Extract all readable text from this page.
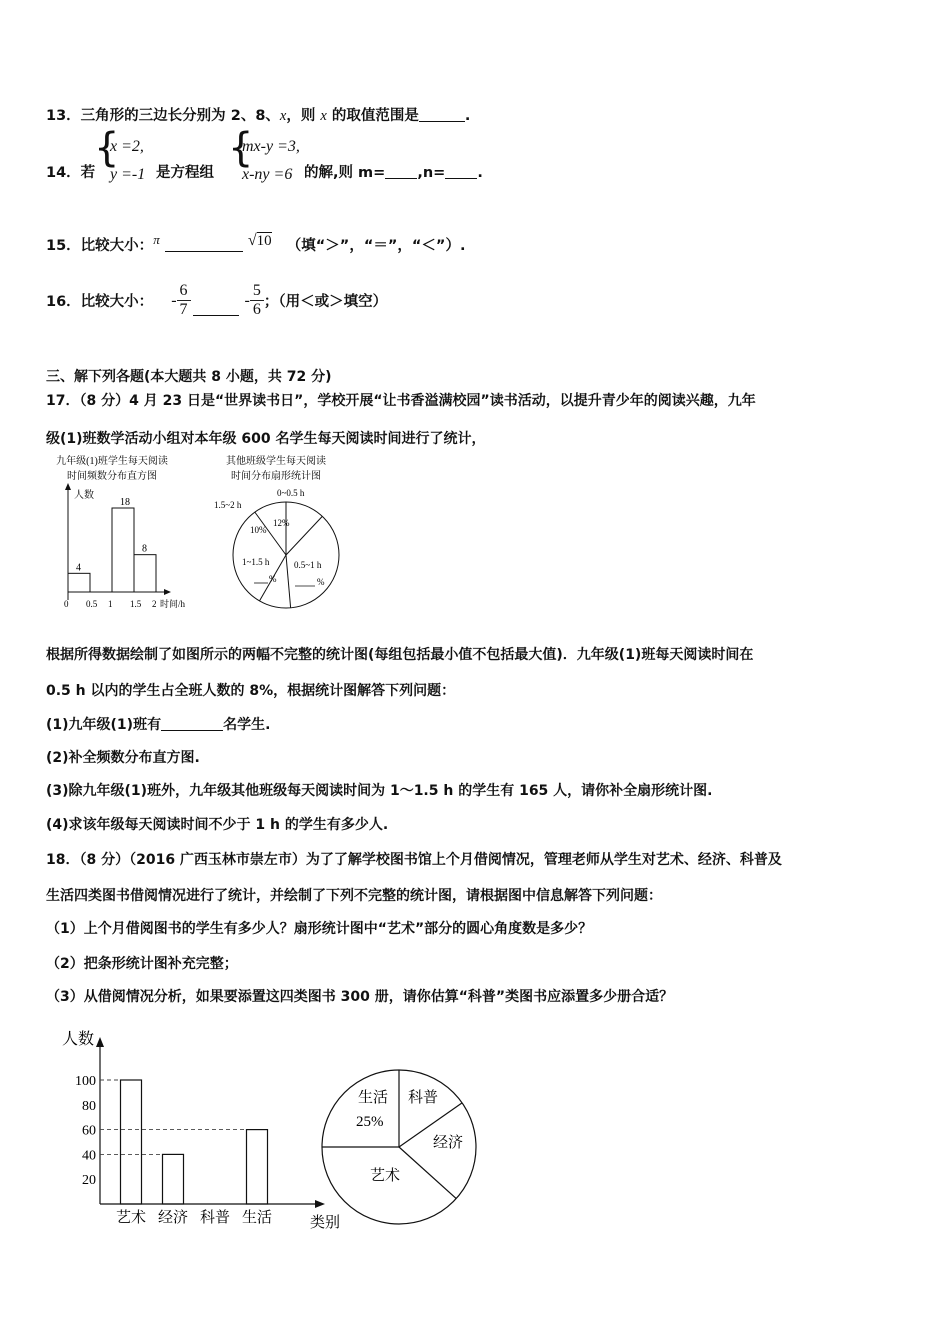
13．三角形的三边长分别为 2、8、x，则 x 的取值范围是	.
14．若
{
x =2,
y =-1 是方程组
{
mx-y =3,
x-ny =6 的解,则 m= ,n= .
15．比较大小：π	√10 （填“＞”，“＝”，“＜”）.
16．比较大小： - $\frac{6}{7}$	- $\frac{5}{6}$ ；（用＜或＞填空）
三、解下列各题(本大题共 8 小题，共 72 分)
17．（8 分）4 月 23 日是“世界读书日”，学校开展“让书香溢满校园”读书活动，以提升青少年的阅读兴趣，九年
级(1)班数学活动小组对本年级 600 名学生每天阅读时间进行了统计，
九年级(1)班学生每天阅读
时间频数分布直方图
人数
时间/h
4
18
8
0 0.5 1 1.5 2
其他班级学生每天阅读
时间分布扇形统计图
0~0.5 h
12%
1.5~2 h
10%
1~1.5 h
%
0.5~1 h
%
根据所得数据绘制了如图所示的两幅不完整的统计图(每组包括最小值不包括最大值)．九年级(1)班每天阅读时间在
0.5 h 以内的学生占全班人数的 8%，根据统计图解答下列问题：
(1)九年级(1)班有	名学生.
(2)补全频数分布直方图.
(3)除九年级(1)班外，九年级其他班级每天阅读时间为 1～1.5 h 的学生有 165 人，请你补全扇形统计图.
(4)求该年级每天阅读时间不少于 1 h 的学生有多少人.
18．（8 分）（2016 广西玉林市崇左市）为了了解学校图书馆上个月借阅情况，管理老师从学生对艺术、经济、科普及
生活四类图书借阅情况进行了统计，并绘制了下列不完整的统计图，请根据图中信息解答下列问题：
（1）上个月借阅图书的学生有多少人？扇形统计图中“艺术”部分的圆心角度数是多少？
（2）把条形统计图补充完整；
（3）从借阅情况分析，如果要添置这四类图书 300 册，请你估算“科普”类图书应添置多少册合适？
人数
类别
艺术 经济 科普 生活
20
40
60
80
100
生活
25%
科普
经济
艺术
